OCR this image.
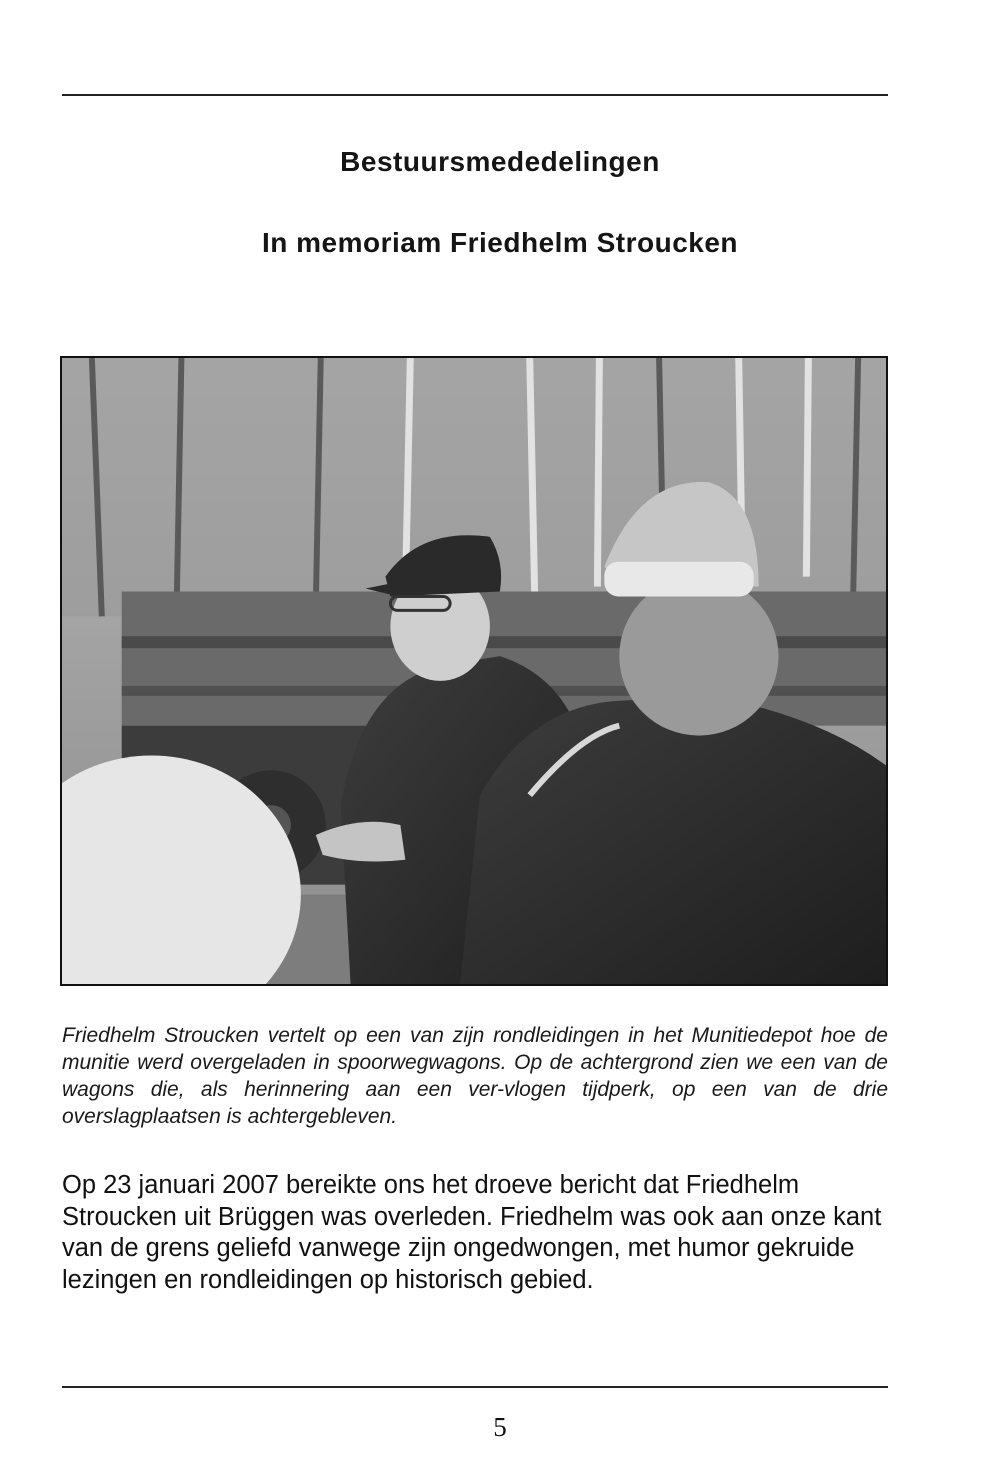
Bestuursmededelingen
In memoriam Friedhelm Stroucken
Friedhelm Stroucken vertelt op een van zijn rondleidingen in het Munitiedepot hoe de munitie werd overgeladen in spoorwegwagons. Op de achtergrond zien we een van de wagons die, als herinnering aan een ver-vlogen tijdperk, op een van de drie overslagplaatsen is achtergebleven.
Op 23 januari 2007 bereikte ons het droeve bericht dat Friedhelm Stroucken uit Brüggen was overleden. Friedhelm was ook aan onze kant van de grens geliefd vanwege zijn ongedwongen, met humor gekruide lezingen en rondleidingen op historisch gebied.
5
